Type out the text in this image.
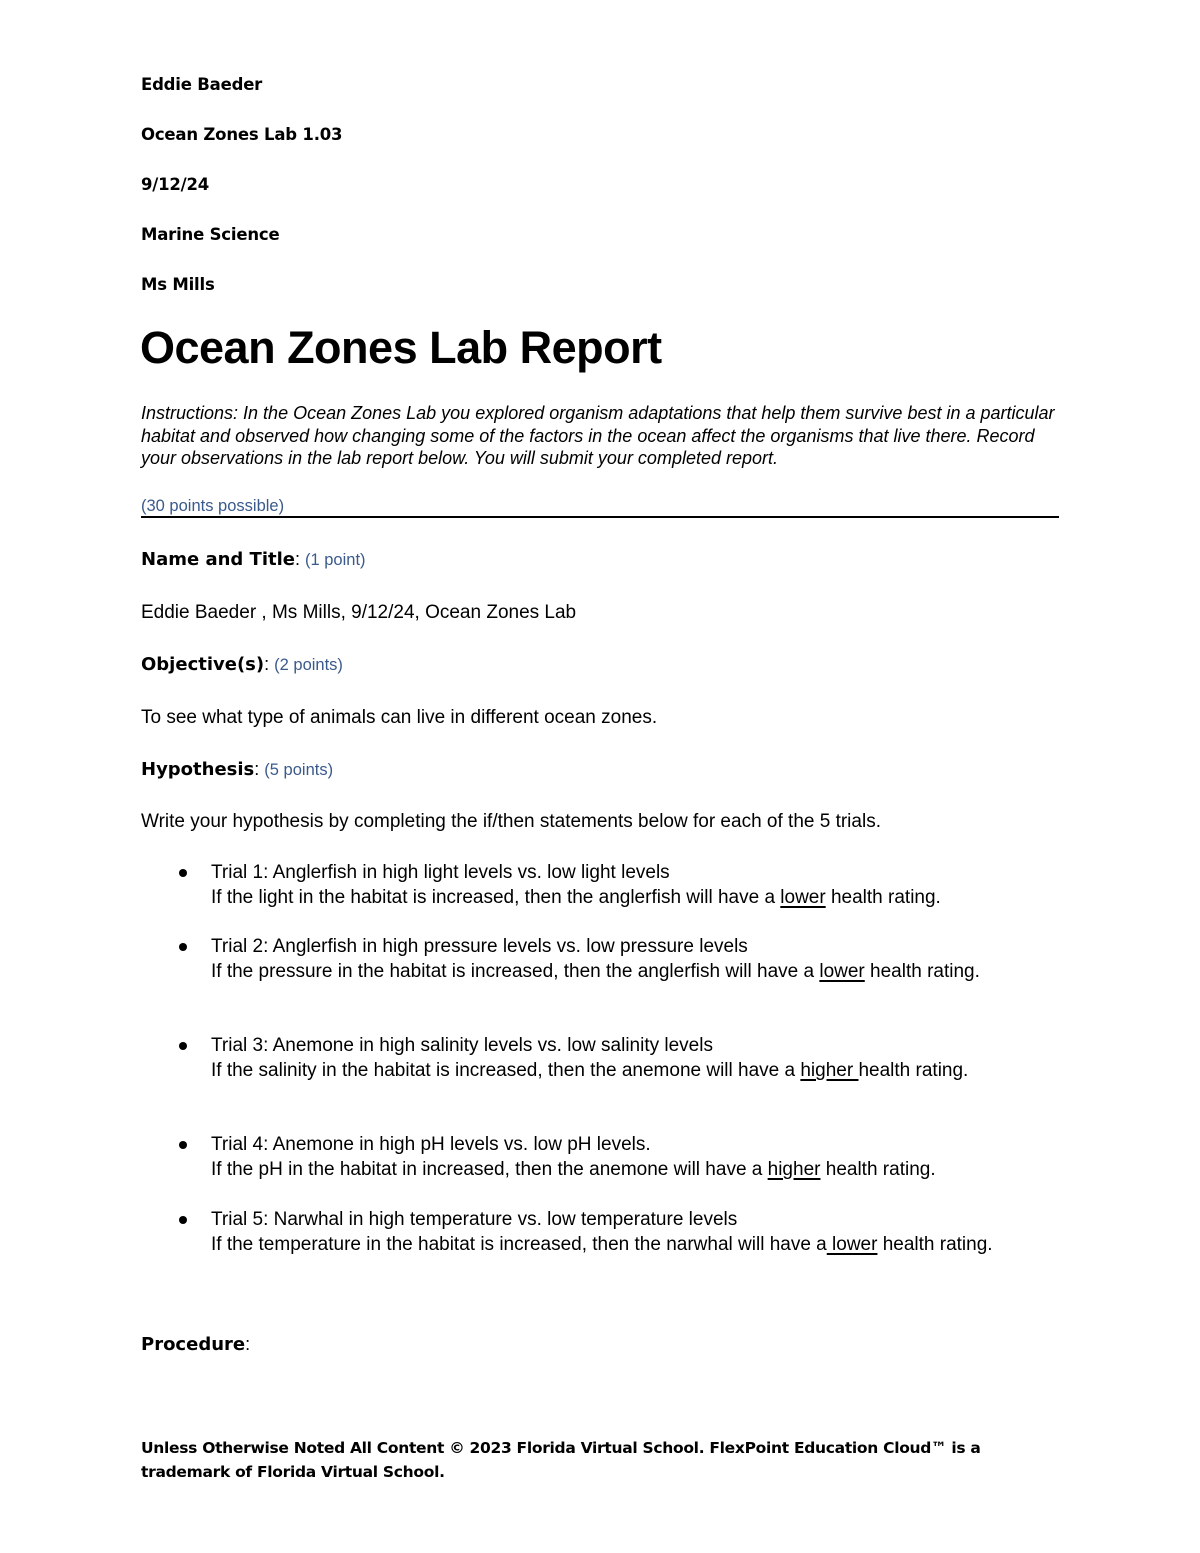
Eddie Baeder
Ocean Zones Lab 1.03
9/12/24
Marine Science
Ms Mills
Ocean Zones Lab Report
Instructions: In the Ocean Zones Lab you explored organism adaptations that help them survive best in a particular habitat and observed how changing some of the factors in the ocean affect the organisms that live there. Record your observations in the lab report below. You will submit your completed report.
(30 points possible)
Name and Title: (1 point)
Eddie Baeder , Ms Mills, 9/12/24, Ocean Zones Lab
Objective(s): (2 points)
To see what type of animals can live in different ocean zones.
Hypothesis: (5 points)
Write your hypothesis by completing the if/then statements below for each of the 5 trials.
Trial 1: Anglerfish in high light levels vs. low light levels
If the light in the habitat is increased, then the anglerfish will have a lower health rating.
Trial 2: Anglerfish in high pressure levels vs. low pressure levels
If the pressure in the habitat is increased, then the anglerfish will have a lower health rating.
Trial 3: Anemone in high salinity levels vs. low salinity levels
If the salinity in the habitat is increased, then the anemone will have a higher health rating.
Trial 4: Anemone in high pH levels vs. low pH levels.
If the pH in the habitat in increased, then the anemone will have a higher health rating.
Trial 5: Narwhal in high temperature vs. low temperature levels
If the temperature in the habitat is increased, then the narwhal will have a lower health rating.
Procedure:
Unless Otherwise Noted All Content © 2023 Florida Virtual School. FlexPoint Education Cloud™ is a trademark of Florida Virtual School.
